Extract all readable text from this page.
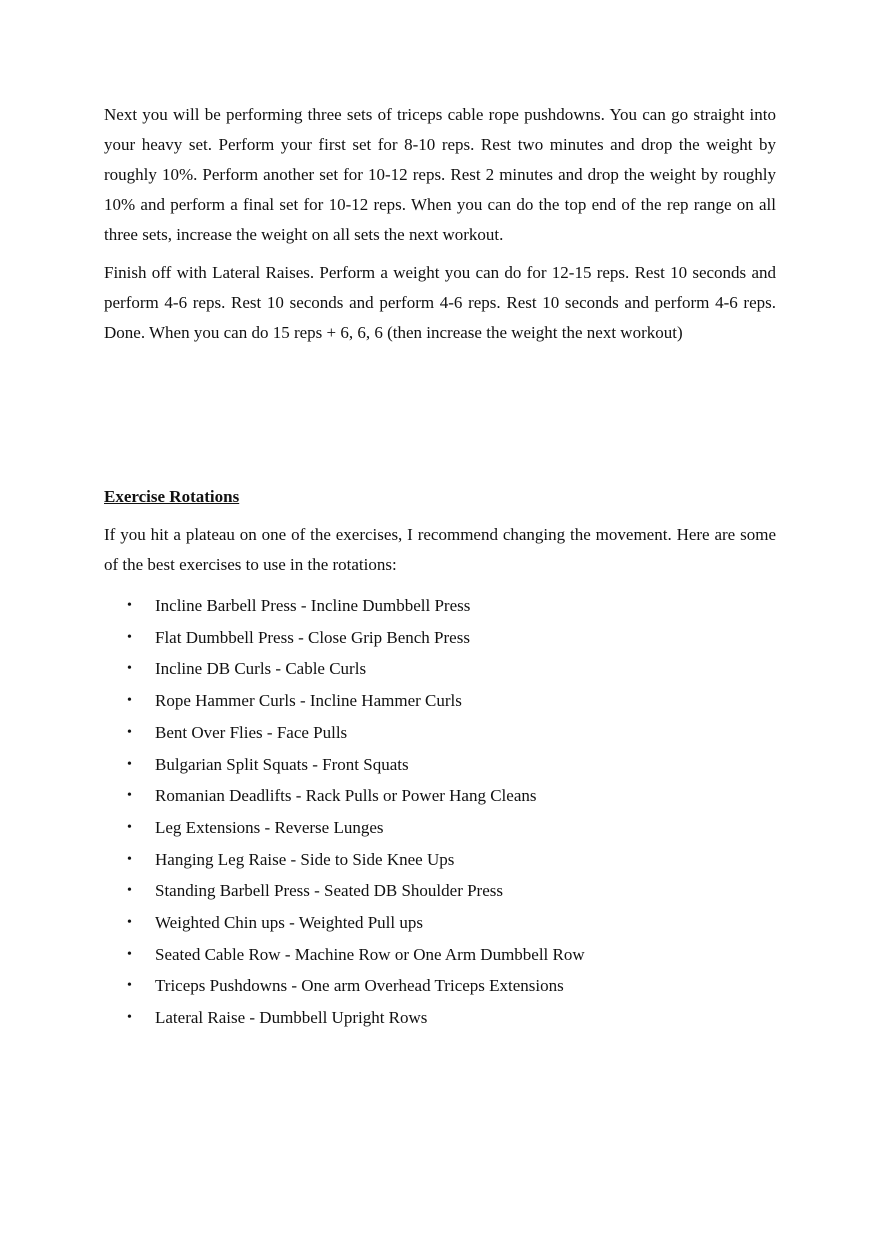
Next you will be performing three sets of triceps cable rope pushdowns. You can go straight into your heavy set. Perform your first set for 8-10 reps. Rest two minutes and drop the weight by roughly 10%. Perform another set for 10-12 reps. Rest 2 minutes and drop the weight by roughly 10% and perform a final set for 10-12 reps. When you can do the top end of the rep range on all three sets, increase the weight on all sets the next workout.

Finish off with Lateral Raises. Perform a weight you can do for 12-15 reps. Rest 10 seconds and perform 4-6 reps. Rest 10 seconds and perform 4-6 reps. Rest 10 seconds and perform 4-6 reps. Done. When you can do 15 reps + 6, 6, 6 (then increase the weight the next workout)

Exercise Rotations

If you hit a plateau on one of the exercises, I recommend changing the movement. Here are some of the best exercises to use in the rotations:

• Incline Barbell Press - Incline Dumbbell Press
• Flat Dumbbell Press - Close Grip Bench Press
• Incline DB Curls - Cable Curls
• Rope Hammer Curls - Incline Hammer Curls
• Bent Over Flies - Face Pulls
• Bulgarian Split Squats - Front Squats
• Romanian Deadlifts - Rack Pulls or Power Hang Cleans
• Leg Extensions - Reverse Lunges
• Hanging Leg Raise - Side to Side Knee Ups
• Standing Barbell Press - Seated DB Shoulder Press
• Weighted Chin ups - Weighted Pull ups
• Seated Cable Row - Machine Row or One Arm Dumbbell Row
• Triceps Pushdowns - One arm Overhead Triceps Extensions
• Lateral Raise - Dumbbell Upright Rows
